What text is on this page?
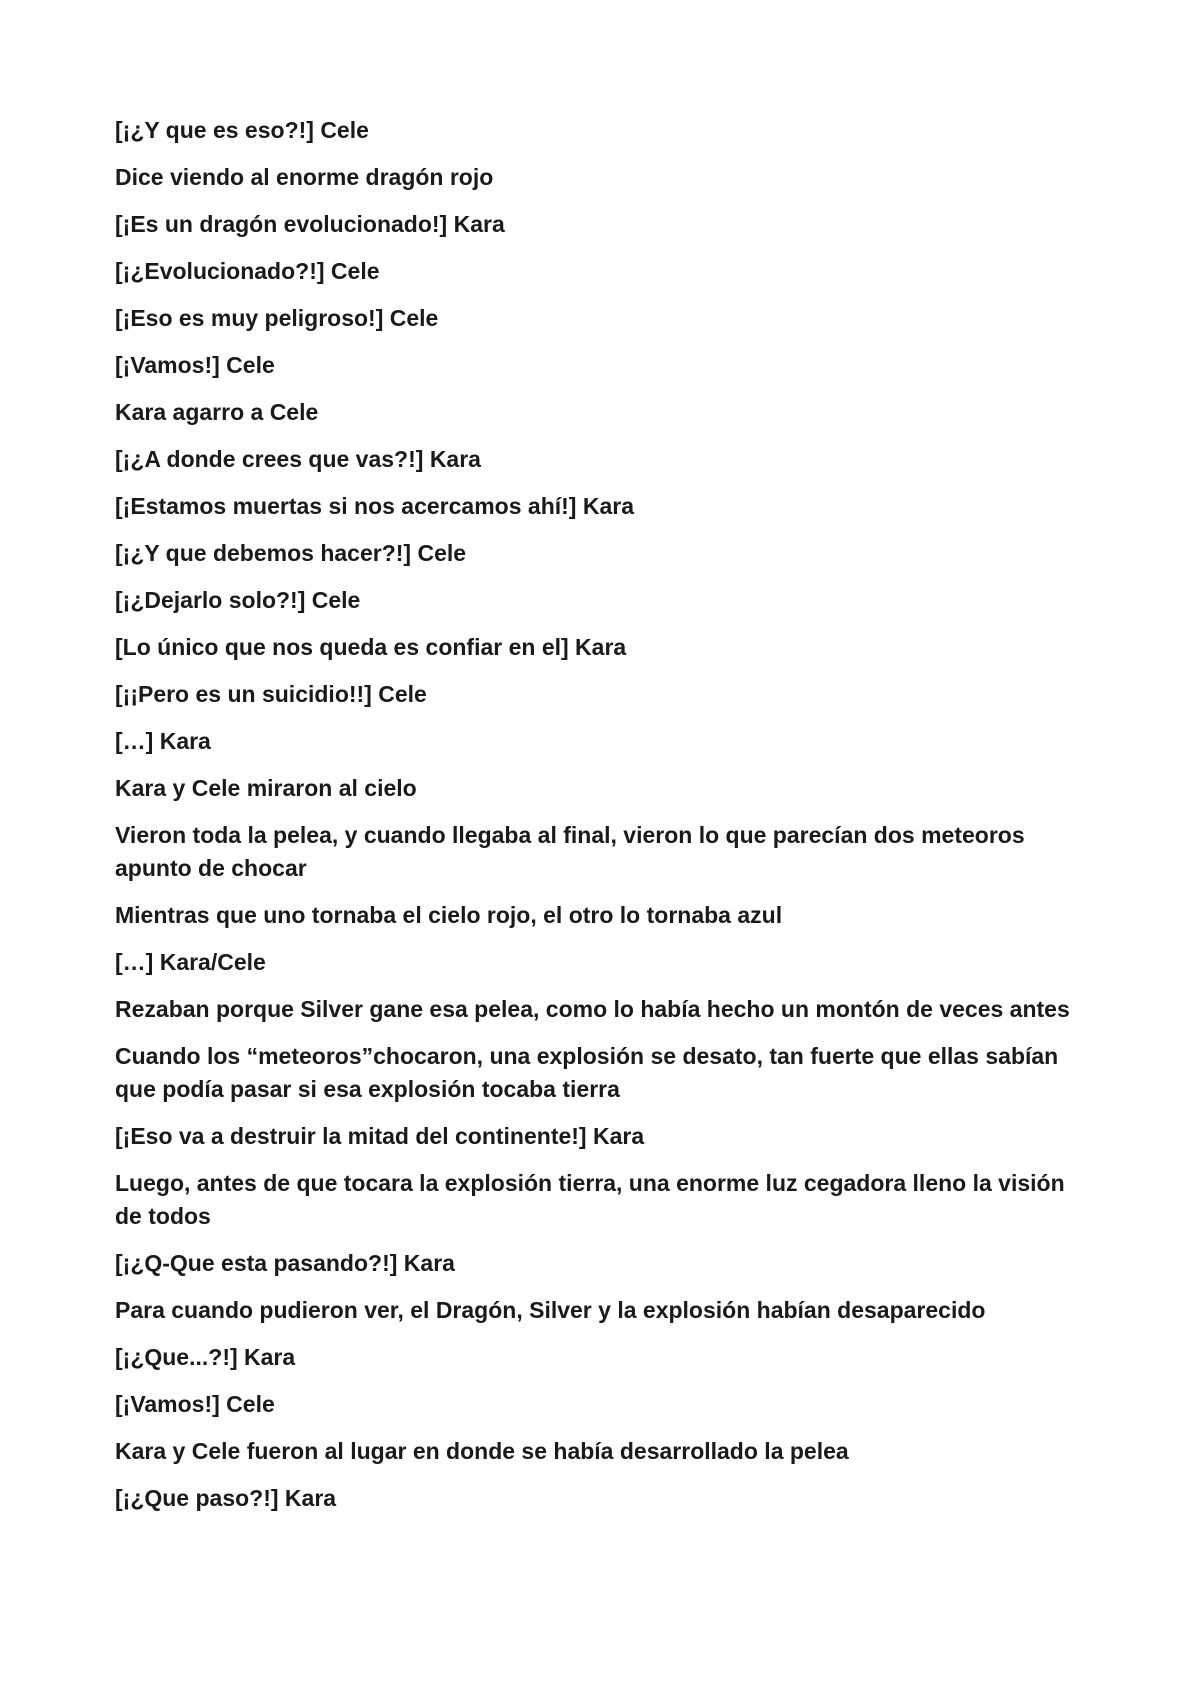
[¡¿Y que es eso?!] Cele

Dice viendo al enorme dragón rojo

[¡Es un dragón evolucionado!] Kara

[¡¿Evolucionado?!] Cele

[¡Eso es muy peligroso!] Cele

[¡Vamos!] Cele

Kara agarro a Cele

[¡¿A donde crees que vas?!] Kara

[¡Estamos muertas si nos acercamos ahí!] Kara

[¡¿Y que debemos hacer?!] Cele

[¡¿Dejarlo solo?!] Cele

[Lo único que nos queda es confiar en el] Kara

[¡¡Pero es un suicidio!!] Cele

[…] Kara

Kara y Cele miraron al cielo

Vieron toda la pelea, y cuando llegaba al final, vieron lo que parecían dos meteoros apunto de chocar

Mientras que uno tornaba el cielo rojo, el otro lo tornaba azul

[…] Kara/Cele

Rezaban porque Silver gane esa pelea, como lo había hecho un montón de veces antes

Cuando los “meteoros”chocaron, una explosión se desato, tan fuerte que ellas sabían que podía pasar si esa explosión tocaba tierra

[¡Eso va a destruir la mitad del continente!] Kara

Luego, antes de que tocara la explosión tierra, una enorme luz cegadora lleno la visión de todos

[¡¿Q-Que esta pasando?!] Kara

Para cuando pudieron ver, el Dragón, Silver y la explosión habían desaparecido

[¡¿Que...?!] Kara

[¡Vamos!] Cele

Kara y Cele fueron al lugar en donde se había desarrollado la pelea

[¡¿Que paso?!] Kara
